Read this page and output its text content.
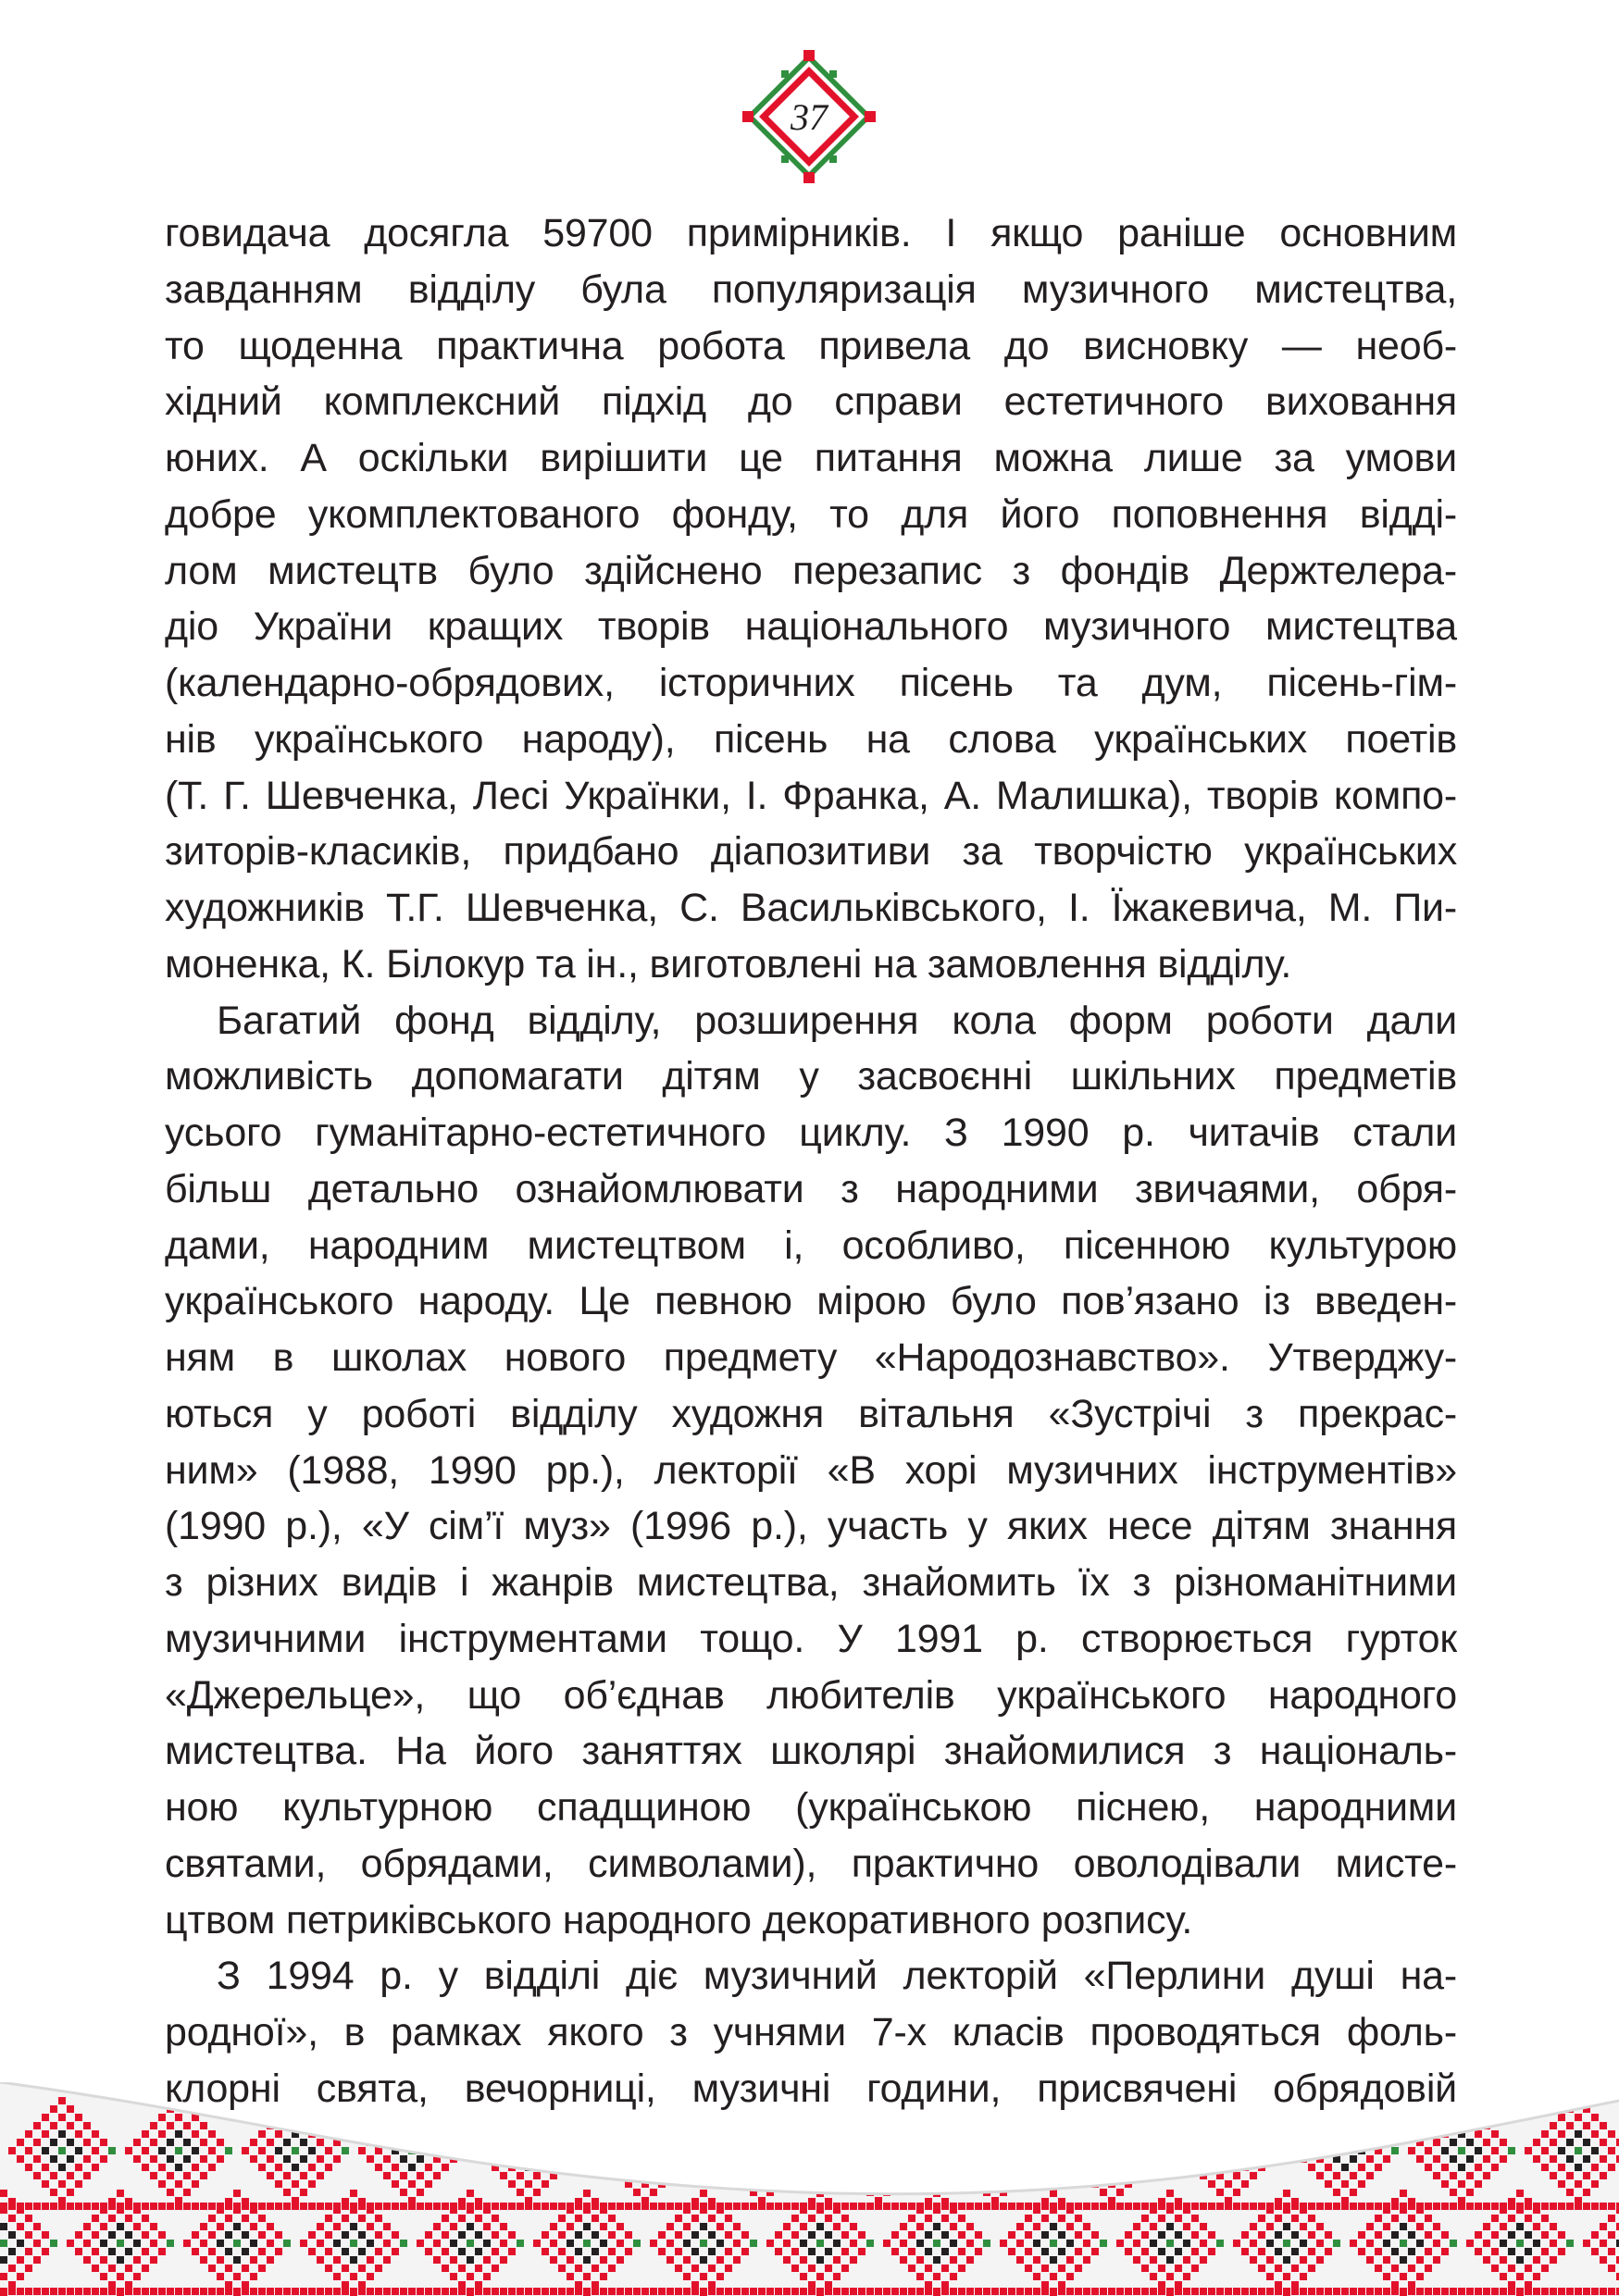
37
говидача досягла 59700 примірників. І якщо раніше основним
завданням відділу була популяризація музичного мистецтва,
то щоденна практична робота привела до висновку — необ-
хідний комплексний підхід до справи естетичного виховання
юних. А оскільки вирішити це питання можна лише за умови
добре укомплектованого фонду, то для його поповнення відді-
лом мистецтв було здійснено перезапис з фондів Держтелера-
діо України кращих творів національного музичного мистецтва
(календарно-обрядових, історичних пісень та дум, пісень-гім-
нів українського народу), пісень на слова українських поетів
(Т. Г. Шевченка, Лесі Українки, І. Франка, А. Малишка), творів компо-
зиторів-класиків, придбано діапозитиви за творчістю українських
художників Т.Г. Шевченка, С. Васильківського, І. Їжакевича, М. Пи-
моненка, К. Білокур та ін., виготовлені на замовлення відділу.
Багатий фонд відділу, розширення кола форм роботи дали
можливість допомагати дітям у засвоєнні шкільних предметів
усього гуманітарно-естетичного циклу. З 1990 р. читачів стали
більш детально ознайомлювати з народними звичаями, обря-
дами, народним мистецтвом і, особливо, пісенною культурою
українського народу. Це певною мірою було пов’язано із введен-
ням в школах нового предмету «Народознавство». Утверджу-
ються у роботі відділу художня вітальня «Зустрічі з прекрас-
ним» (1988, 1990 рр.), лекторії «В хорі музичних інструментів»
(1990 р.), «У сім’ї муз» (1996 р.), участь у яких несе дітям знання
з різних видів і жанрів мистецтва, знайомить їх з різноманітними
музичними інструментами тощо. У 1991 р. створюється гурток
«Джерельце», що об’єднав любителів українського народного
мистецтва. На його заняттях школярі знайомилися з національ-
ною культурною спадщиною (українською піснею, народними
святами, обрядами, символами), практично оволодівали мисте-
цтвом петриківського народного декоративного розпису.
З 1994 р. у відділі діє музичний лекторій «Перлини душі на-
родної», в рамках якого з учнями 7-х класів проводяться фоль-
клорні свята, вечорниці, музичні години, присвячені обрядовій
